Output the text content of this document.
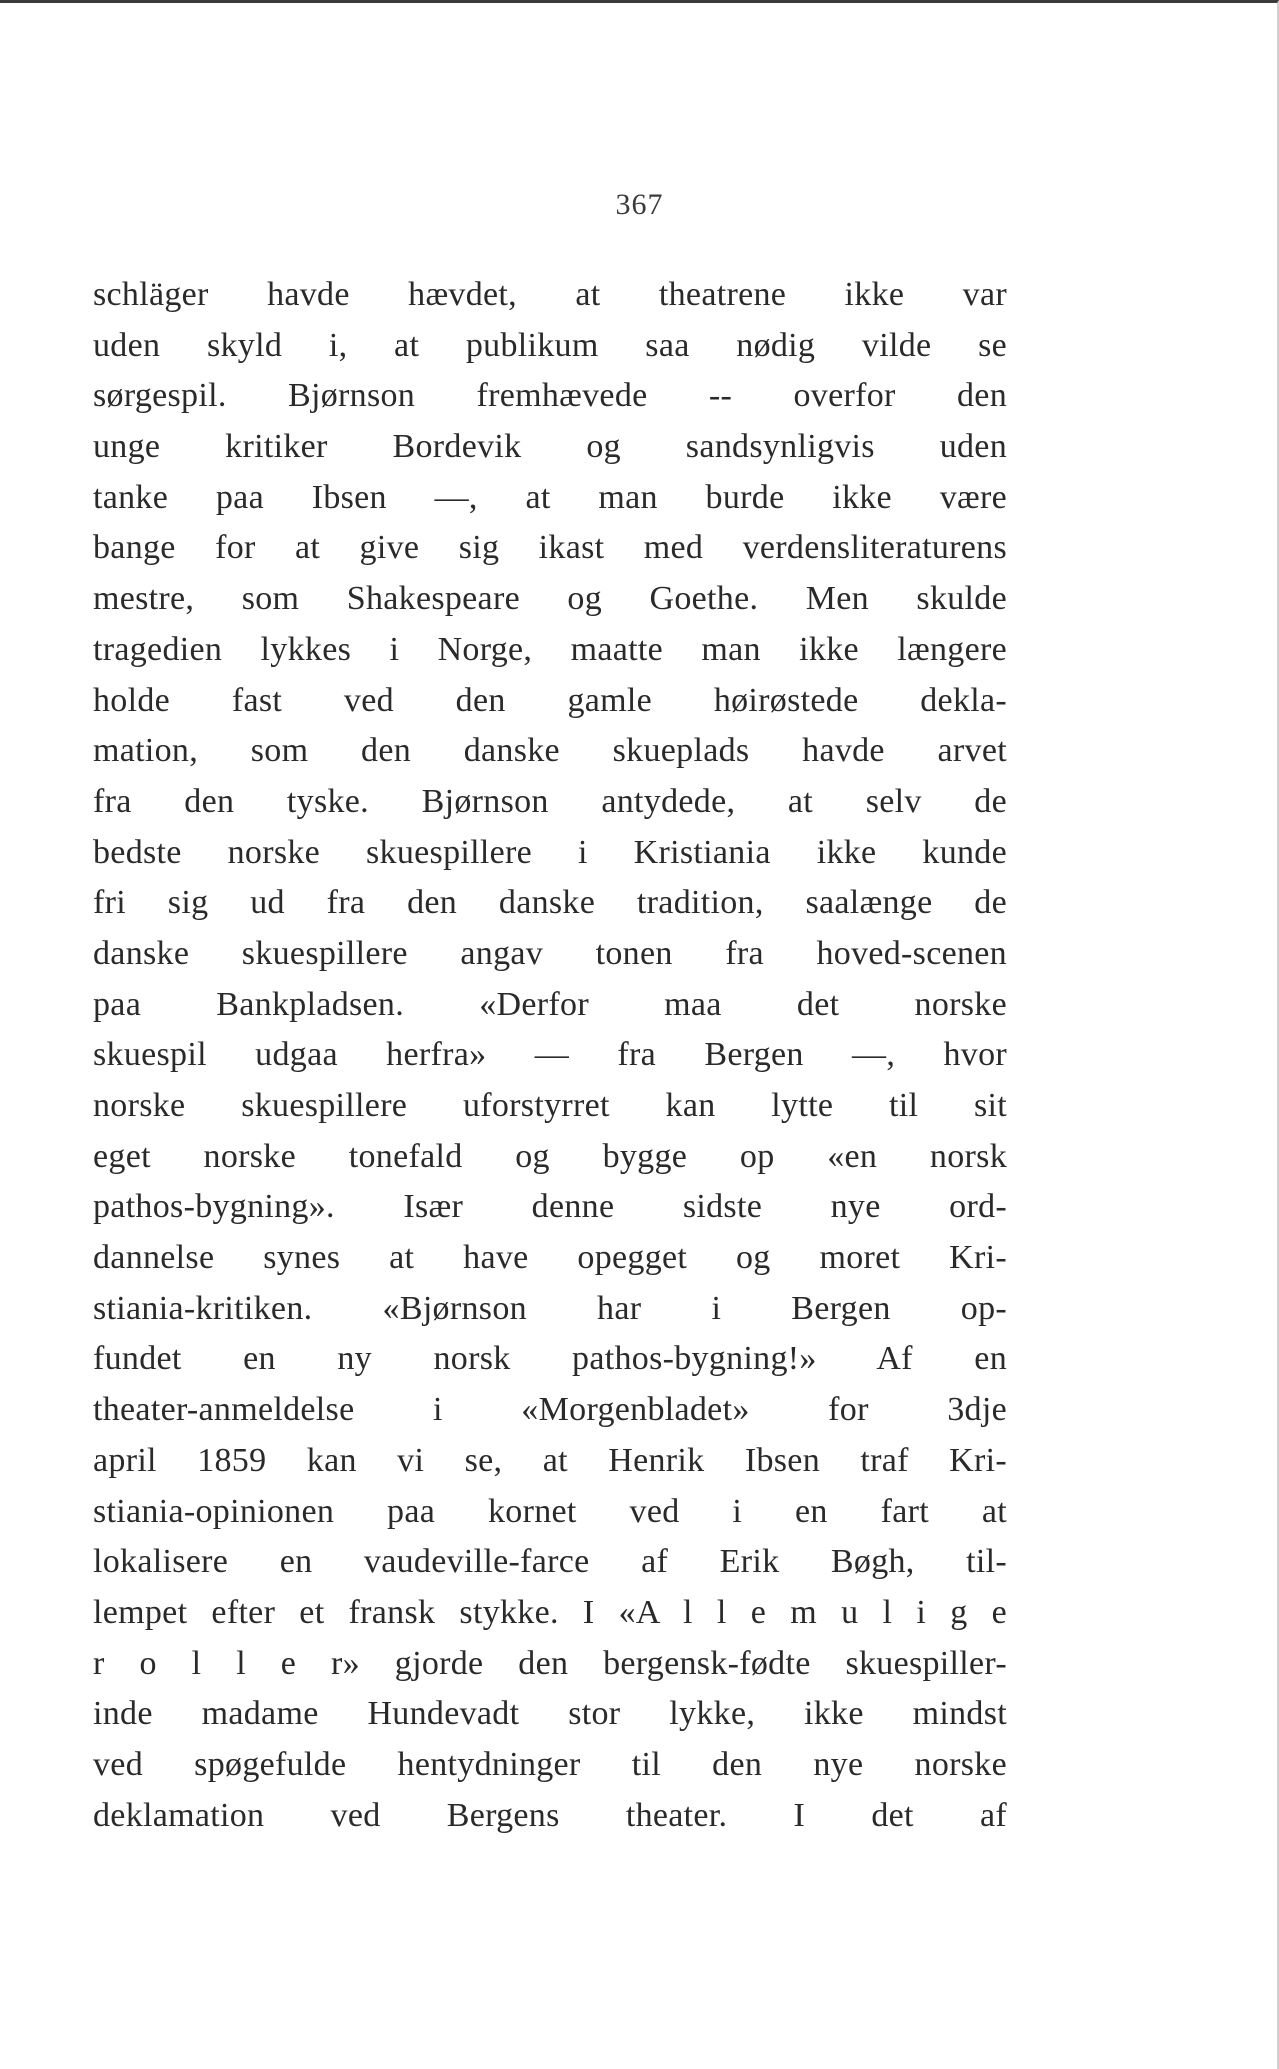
367
schläger havde hævdet, at theatrene ikke var
uden skyld i, at publikum saa nødig vilde se
sørgespil. Bjørnson fremhævede -- overfor den
unge kritiker Bordevik og sandsynligvis uden
tanke paa Ibsen —, at man burde ikke være
bange for at give sig ikast med verdensliteraturens
mestre, som Shakespeare og Goethe. Men skulde
tragedien lykkes i Norge, maatte man ikke længere
holde fast ved den gamle høirøstede dekla-
mation, som den danske skueplads havde arvet
fra den tyske. Bjørnson antydede, at selv de
bedste norske skuespillere i Kristiania ikke kunde
fri sig ud fra den danske tradition, saalænge de
danske skuespillere angav tonen fra hoved-scenen
paa Bankpladsen. «Derfor maa det norske
skuespil udgaa herfra» — fra Bergen —, hvor
norske skuespillere uforstyrret kan lytte til sit
eget norske tonefald og bygge op «en norsk
pathos-bygning». Især denne sidste nye ord-
dannelse synes at have opegget og moret Kri-
stiania-kritiken. «Bjørnson har i Bergen op-
fundet en ny norsk pathos-bygning!» Af en
theater-anmeldelse i «Morgenbladet» for 3dje
april 1859 kan vi se, at Henrik Ibsen traf Kri-
stiania-opinionen paa kornet ved i en fart at
lokalisere en vaudeville-farce af Erik Bøgh, til-
lempet efter et fransk stykke. I «A l l e m u l i g e
r o l l e r» gjorde den bergensk-fødte skuespiller-
inde madame Hundevadt stor lykke, ikke mindst
ved spøgefulde hentydninger til den nye norske
deklamation ved Bergens theater. I det af
